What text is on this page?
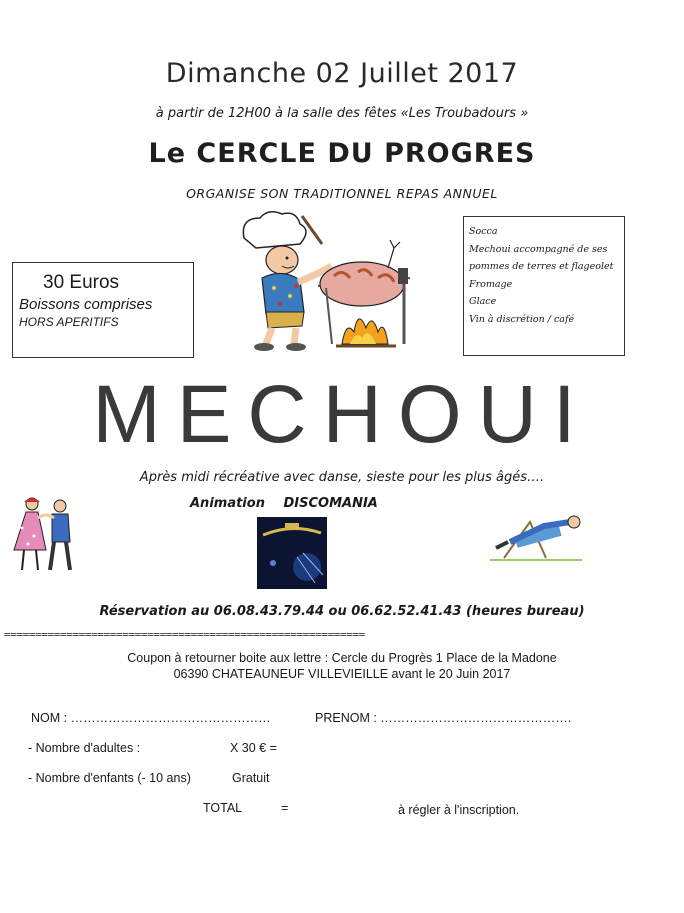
Dimanche 02 Juillet 2017
à partir de 12H00 à la salle des fêtes «Les Troubadours »
Le CERCLE DU PROGRES
ORGANISE SON TRADITIONNEL REPAS ANNUEL
30 Euros
Boissons comprises
HORS APERITIFS
Socca
Mechoui accompagné de ses
pommes de terres et flageolet
Fromage
Glace
Vin à discrétion / café
MECHOUI
Après midi récréative avec danse, sieste pour les plus âgés….
Animation DISCOMANIA
Réservation au 06.08.43.79.44 ou 06.62.52.41.43 (heures bureau)
==========================================================
Coupon à retourner boite aux lettre : Cercle du Progrès 1 Place de la Madone
06390 CHATEAUNEUF VILLEVIEILLE avant le 20 Juin 2017
NOM : …………………………………………	PRENOM : ……………………………………….
- Nombre d'adultes :	X 30 € =
- Nombre d'enfants (- 10 ans)	Gratuit
TOTAL	=	à régler à l'inscription.
